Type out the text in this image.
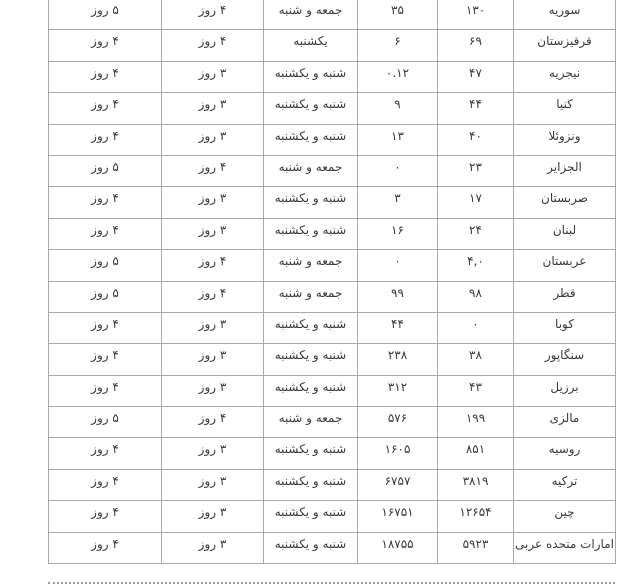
سوریه	۱۳۰	۳۵	جمعه و شنبه	۴ روز	۵ روز
قرقیزستان	۶۹	۶	یکشنبه	۴ روز	۴ روز
نیجریه	۴۷	۰.۱۲	شنبه و یکشنبه	۳ روز	۴ روز
کنیا	۴۴	۹	شنبه و یکشنبه	۳ روز	۴ روز
ونزوئلا	۴۰	۱۳	شنبه و یکشنبه	۳ روز	۴ روز
الجزایر	۲۳	۰	جمعه و شنبه	۴ روز	۵ روز
صربستان	۱۷	۳	شنبه و یکشنبه	۳ روز	۴ روز
لبنان	۲۴	۱۶	شنبه و یکشنبه	۳ روز	۴ روز
عربستان	۴,۰	۰	جمعه و شنبه	۴ روز	۵ روز
قطر	۹۸	۹۹	جمعه و شنبه	۴ روز	۵ روز
کوبا	۰	۴۴	شنبه و یکشنبه	۳ روز	۴ روز
سنگاپور	۳۸	۲۳۸	شنبه و یکشنبه	۳ روز	۴ روز
برزیل	۴۳	۳۱۲	شنبه و یکشنبه	۳ روز	۴ روز
مالزی	۱۹۹	۵۷۶	جمعه و شنبه	۴ روز	۵ روز
روسیه	۸۵۱	۱۶۰۵	شنبه و یکشنبه	۳ روز	۴ روز
ترکیه	۳۸۱۹	۶۷۵۷	شنبه و یکشنبه	۳ روز	۴ روز
چین	۱۲۶۵۴	۱۶۷۵۱	شنبه و یکشنبه	۳ روز	۴ روز
امارات متحده عربی	۵۹۲۳	۱۸۷۵۵	شنبه و یکشنبه	۳ روز	۴ روز
